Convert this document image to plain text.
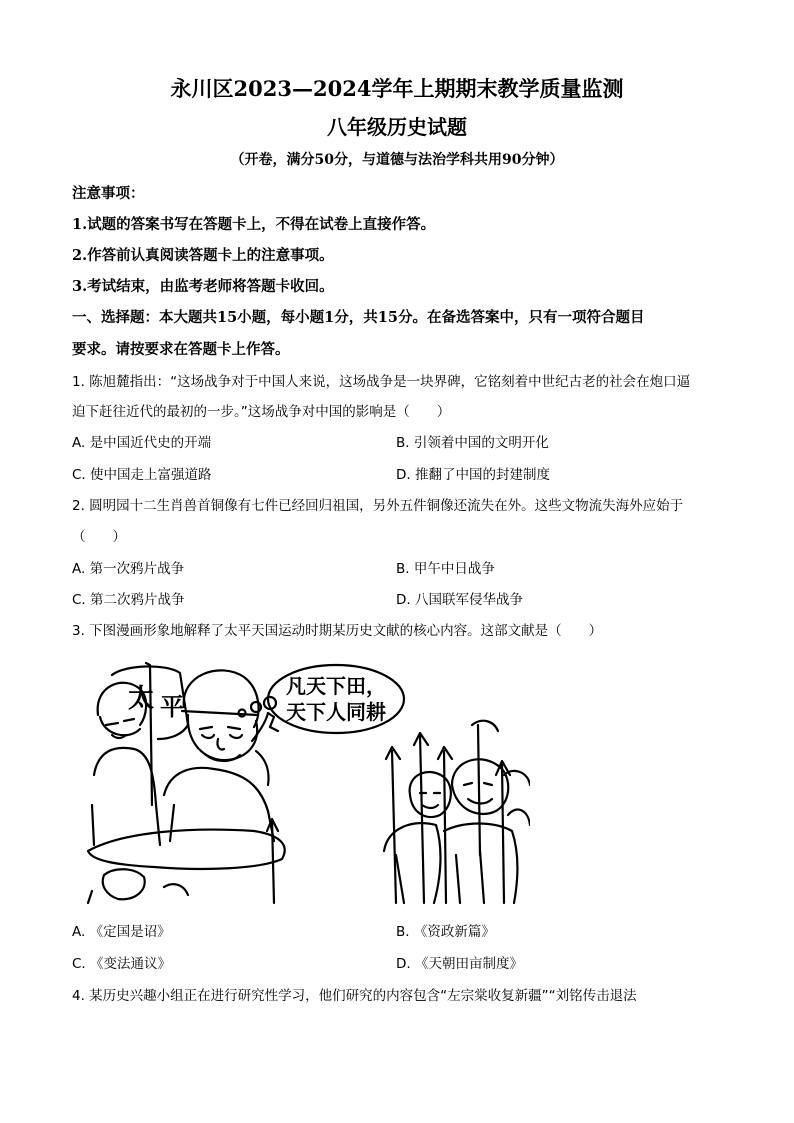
永川区2023—2024学年上期期末教学质量监测
八年级历史试题
（开卷，满分50分，与道德与法治学科共用90分钟）
注意事项：
1.试题的答案书写在答题卡上，不得在试卷上直接作答。
2.作答前认真阅读答题卡上的注意事项。
3.考试结束，由监考老师将答题卡收回。
一、选择题：本大题共15小题，每小题1分，共15分。在备选答案中，只有一项符合题目
要求。请按要求在答题卡上作答。
1. 陈旭麓指出：“这场战争对于中国人来说，这场战争是一块界碑，它铭刻着中世纪古老的社会在炮口逼
迫下赶往近代的最初的一步。”这场战争对中国的影响是（　　）
A. 是中国近代史的开端	B. 引领着中国的文明开化
C. 使中国走上富强道路	D. 推翻了中国的封建制度
2. 圆明园十二生肖兽首铜像有七件已经回归祖国，另外五件铜像还流失在外。这些文物流失海外应始于
（　　）
A. 第一次鸦片战争	B. 甲午中日战争
C. 第二次鸦片战争	D. 八国联军侵华战争
3. 下图漫画形象地解释了太平天国运动时期某历史文献的核心内容。这部文献是（　　）
太 平
凡天下田，
天下人同耕
A. 《定国是诏》	B. 《资政新篇》
C. 《变法通议》	D. 《天朝田亩制度》
4. 某历史兴趣小组正在进行研究性学习，他们研究的内容包含“左宗棠收复新疆”“刘铭传击退法
